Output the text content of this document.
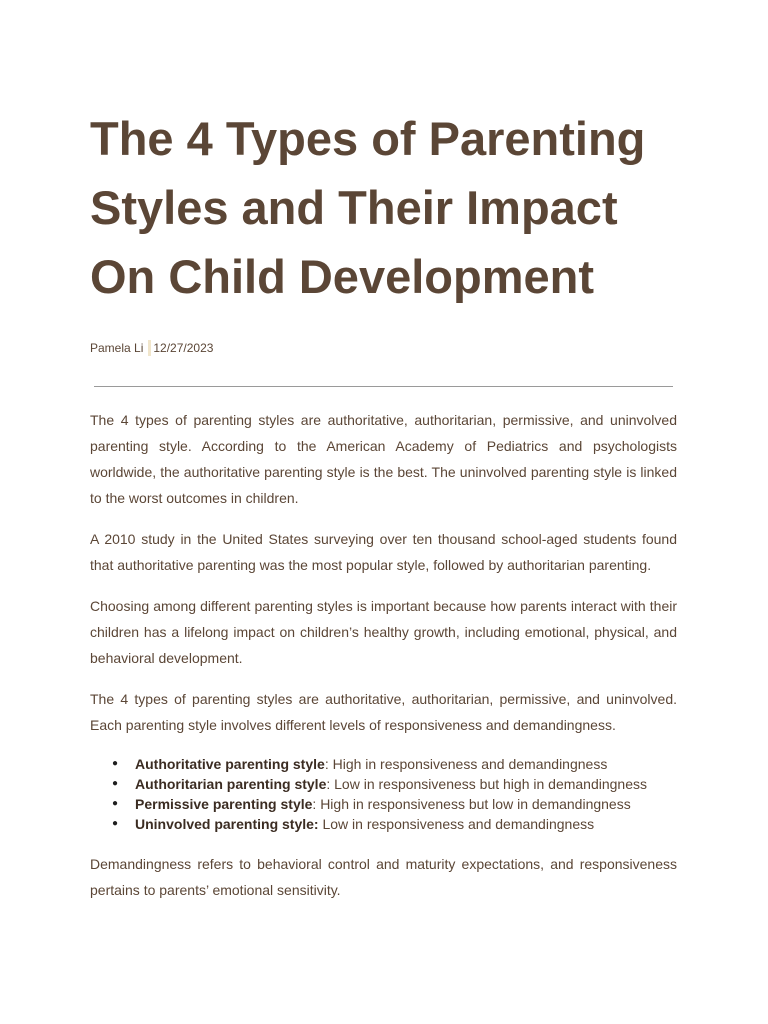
The 4 Types of Parenting Styles and Their Impact On Child Development
Pamela Li 12/27/2023

The 4 types of parenting styles are authoritative, authoritarian, permissive, and uninvolved parenting style. According to the American Academy of Pediatrics and psychologists worldwide, the authoritative parenting style is the best. The uninvolved parenting style is linked to the worst outcomes in children.

A 2010 study in the United States surveying over ten thousand school-aged students found that authoritative parenting was the most popular style, followed by authoritarian parenting.

Choosing among different parenting styles is important because how parents interact with their children has a lifelong impact on children’s healthy growth, including emotional, physical, and behavioral development.

The 4 types of parenting styles are authoritative, authoritarian, permissive, and uninvolved. Each parenting style involves different levels of responsiveness and demandingness.

● Authoritative parenting style: High in responsiveness and demandingness
● Authoritarian parenting style: Low in responsiveness but high in demandingness
● Permissive parenting style: High in responsiveness but low in demandingness
● Uninvolved parenting style: Low in responsiveness and demandingness

Demandingness refers to behavioral control and maturity expectations, and responsiveness pertains to parents’ emotional sensitivity.
